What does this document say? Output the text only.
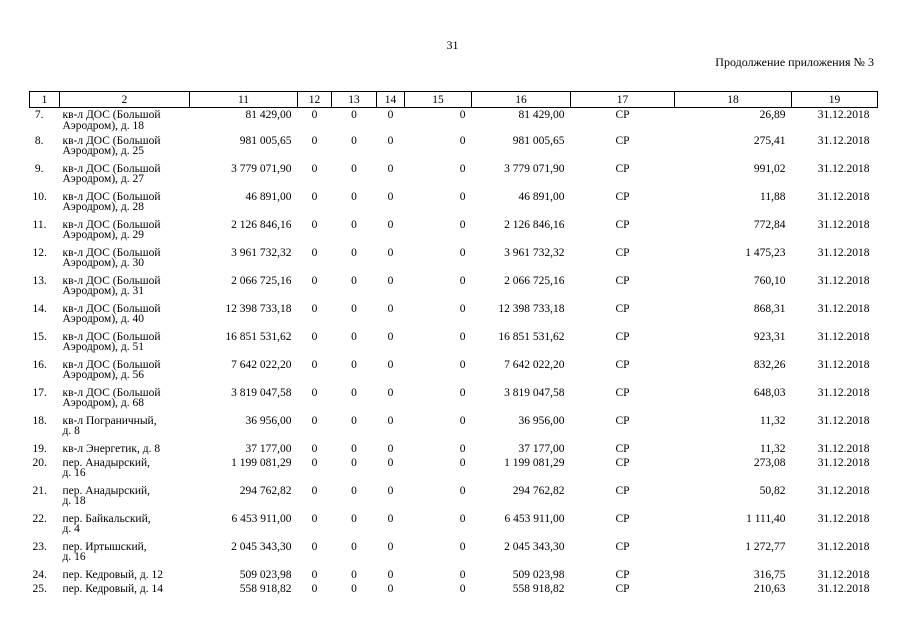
31
Продолжение приложения № 3
1	2	11	12	13	14	15	16	17	18	19
7.	кв-л ДОС (Большой
Аэродром), д. 18	81 429,00	0	0	0	0	81 429,00	СР	26,89	31.12.2018
8.	кв-л ДОС (Большой
Аэродром), д. 25	981 005,65	0	0	0	0	981 005,65	СР	275,41	31.12.2018
9.	кв-л ДОС (Большой
Аэродром), д. 27	3 779 071,90	0	0	0	0	3 779 071,90	СР	991,02	31.12.2018
10.	кв-л ДОС (Большой
Аэродром), д. 28	46 891,00	0	0	0	0	46 891,00	СР	11,88	31.12.2018
11.	кв-л ДОС (Большой
Аэродром), д. 29	2 126 846,16	0	0	0	0	2 126 846,16	СР	772,84	31.12.2018
12.	кв-л ДОС (Большой
Аэродром), д. 30	3 961 732,32	0	0	0	0	3 961 732,32	СР	1 475,23	31.12.2018
13.	кв-л ДОС (Большой
Аэродром), д. 31	2 066 725,16	0	0	0	0	2 066 725,16	СР	760,10	31.12.2018
14.	кв-л ДОС (Большой
Аэродром), д. 40	12 398 733,18	0	0	0	0	12 398 733,18	СР	868,31	31.12.2018
15.	кв-л ДОС (Большой
Аэродром), д. 51	16 851 531,62	0	0	0	0	16 851 531,62	СР	923,31	31.12.2018
16.	кв-л ДОС (Большой
Аэродром), д. 56	7 642 022,20	0	0	0	0	7 642 022,20	СР	832,26	31.12.2018
17.	кв-л ДОС (Большой
Аэродром), д. 68	3 819 047,58	0	0	0	0	3 819 047,58	СР	648,03	31.12.2018
18.	кв-л Пограничный,
д. 8	36 956,00	0	0	0	0	36 956,00	СР	11,32	31.12.2018
19.	кв-л Энергетик, д. 8	37 177,00	0	0	0	0	37 177,00	СР	11,32	31.12.2018
20.	пер. Анадырский,
д. 16	1 199 081,29	0	0	0	0	1 199 081,29	СР	273,08	31.12.2018
21.	пер. Анадырский,
д. 18	294 762,82	0	0	0	0	294 762,82	СР	50,82	31.12.2018
22.	пер. Байкальский,
д. 4	6 453 911,00	0	0	0	0	6 453 911,00	СР	1 111,40	31.12.2018
23.	пер. Иртышский,
д. 16	2 045 343,30	0	0	0	0	2 045 343,30	СР	1 272,77	31.12.2018
24.	пер. Кедровый, д. 12	509 023,98	0	0	0	0	509 023,98	СР	316,75	31.12.2018
25.	пер. Кедровый, д. 14	558 918,82	0	0	0	0	558 918,82	СР	210,63	31.12.2018
